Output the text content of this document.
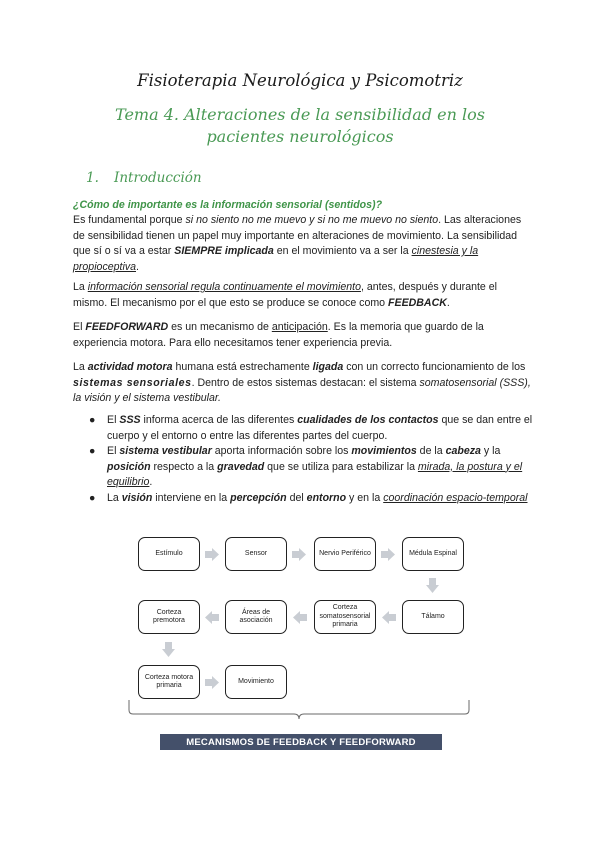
Fisioterapia Neurológica y Psicomotriz
Tema 4. Alteraciones de la sensibilidad en los pacientes neurológicos
1. Introducción
¿Cómo de importante es la información sensorial (sentidos)?
Es fundamental porque si no siento no me muevo y si no me muevo no siento. Las alteraciones de sensibilidad tienen un papel muy importante en alteraciones de movimiento. La sensibilidad que sí o sí va a estar SIEMPRE implicada en el movimiento va a ser la cinestesia y la propioceptiva.
La información sensorial regula continuamente el movimiento, antes, después y durante el mismo. El mecanismo por el que esto se produce se conoce como FEEDBACK.
El FEEDFORWARD es un mecanismo de anticipación. Es la memoria que guardo de la experiencia motora. Para ello necesitamos tener experiencia previa.
La actividad motora humana está estrechamente ligada con un correcto funcionamiento de los sistemas sensoriales. Dentro de estos sistemas destacan: el sistema somatosensorial (SSS), la visión y el sistema vestibular.
● El SSS informa acerca de las diferentes cualidades de los contactos que se dan entre el cuerpo y el entorno o entre las diferentes partes del cuerpo.
● El sistema vestibular aporta información sobre los movimientos de la cabeza y la posición respecto a la gravedad que se utiliza para estabilizar la mirada, la postura y el equilibrio.
● La visión interviene en la percepción del entorno y en la coordinación espacio-temporal
Estímulo	Sensor	Nervio Periférico	Médula Espinal
Tálamo
Corteza somatosensorial primaria
Áreas de asociación
Corteza premotora
Corteza motora primaria
Movimiento
MECANISMOS DE FEEDBACK Y FEEDFORWARD
